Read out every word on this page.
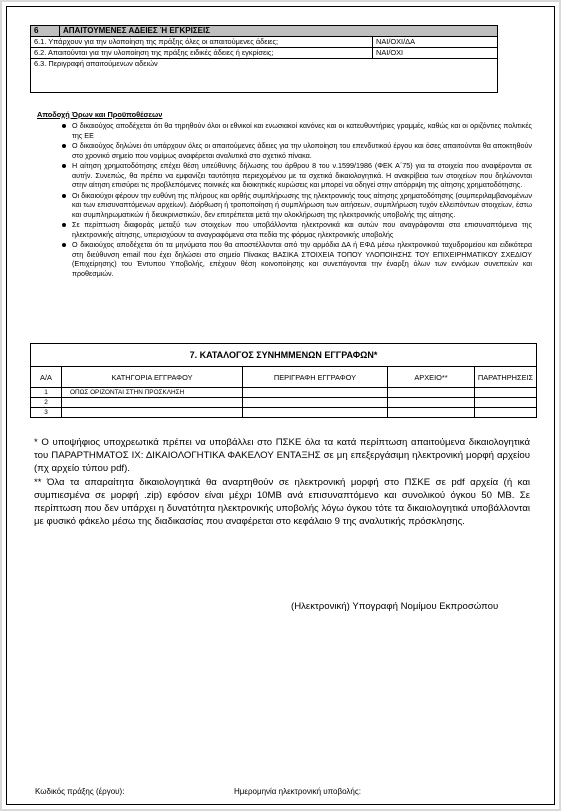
6	ΑΠΑΙΤΟΥΜΕΝΕΣ ΑΔΕΙΕΣ Ή ΕΓΚΡΙΣΕΙΣ	
6.1. Υπάρχουν για την υλοποίηση της πράξης όλες οι απαιτούμενες άδειες;		ΝΑΙ/ΟΧΙ/ΔΑ
6.2. Απαιτούνται για την υλοποίηση της πράξης ειδικές άδειες ή εγκρίσεις;		ΝΑΙ/ΟΧΙ
6.3. Περιγραφή απαιτούμενων αδειών		
Αποδοχή Όρων και Προϋποθέσεων
Ο δικαιούχος αποδέχεται ότι θα τηρηθούν όλοι οι εθνικοί και ενωσιακοί κανόνες και οι κατευθυντήριες γραμμές, καθώς και οι οριζόντιες πολιτικές της ΕΕ
Ο δικαιούχος δηλώνει ότι υπάρχουν όλες οι απαιτούμενες άδειες για την υλοποίηση του επενδυτικού έργου και όσες απαιτούνται θα αποκτηθούν στο χρονικό σημείο που νομίμως αναφέρεται αναλυτικά στο σχετικό πίνακα.
Η αίτηση χρηματοδότησης επέχει θέση υπεύθυνης δήλωσης του άρθρου 8 του ν.1599/1986 (ΦΕΚ Α΄75) για τα στοιχεία που αναφέρονται σε αυτήν. Συνεπώς, θα πρέπει να εμφανίζει ταυτότητα περιεχομένου με τα σχετικά δικαιολογητικά. Η ανακρίβεια των στοιχείων που δηλώνονται στην αίτηση επισύρει τις προβλεπόμενες ποινικές και διοικητικές κυρώσεις και μπορεί να οδηγεί στην απόρριψη της αίτησης χρηματοδότησης.
Οι δικαιούχοι φέρουν την ευθύνη της πλήρους και ορθής συμπλήρωσης της ηλεκτρονικής τους αίτησης χρηματοδότησης (συμπεριλαμβανομένων και των επισυναπτόμενων αρχείων). Διόρθωση ή τροποποίηση ή συμπλήρωση των αιτήσεων, συμπλήρωση τυχόν ελλειπόντων στοιχείων, έστω και συμπληρωματικών ή διευκρινιστικών, δεν επιτρέπεται μετά την ολοκλήρωση της ηλεκτρονικής υποβολής της αίτησης.
Σε περίπτωση διαφοράς μεταξύ των στοιχείων που υποβάλλονται ηλεκτρονικά και αυτών που αναγράφονται στα επισυναπτόμενα της ηλεκτρονικής αίτησης, υπερισχύουν τα αναγραφόμενα στα πεδία της φόρμας ηλεκτρονικής υποβολής
Ο δικαιούχος αποδέχεται ότι τα μηνύματα που θα αποστέλλονται από την αρμόδια ΔΑ ή ΕΦΔ μέσω ηλεκτρονικού ταχυδρομείου και ειδικότερα στη διεύθυνση email που έχει δηλώσει στο σημείο Πίνακας ΒΑΣΙΚΑ ΣΤΟΙΧΕΙΑ ΤΟΠΟΥ ΥΛΟΠΟΙΗΣΗΣ ΤΟΥ ΕΠΙΧΕΙΡΗΜΑΤΙΚΟΥ ΣΧΕΔΙΟΥ (Επιχείρησης) του Έντυπου Υποβολής, επέχουν θέση κοινοποίησης και συνεπάγονται την έναρξη όλων των εννόμων συνεπειών και προθεσμιών.
7. ΚΑΤΑΛΟΓΟΣ ΣΥΝΗΜΜΕΝΩΝ ΕΓΓΡΑΦΩΝ*				
Α/Α	ΚΑΤΗΓΟΡΙΑ ΕΓΓΡΑΦΟΥ	ΠΕΡΙΓΡΑΦΗ ΕΓΓΡΑΦΟΥ	ΑΡΧΕΙΟ**	ΠΑΡΑΤΗΡΗΣΕΙΣ
1	ΟΠΩΣ ΟΡΙΖΟΝΤΑΙ ΣΤΗΝ ΠΡΟΣΚΛΗΣΗ			
2				
3				

* Ο υποψήφιος υποχρεωτικά πρέπει να υποβάλλει στο ΠΣΚΕ όλα τα κατά περίπτωση απαιτούμενα δικαιολογητικά του ΠΑΡΑΡΤΗΜΑΤΟΣ ΙΧ: ΔΙΚΑΙΟΛΟΓΗΤΙΚΑ ΦΑΚΕΛΟΥ ΕΝΤΑΞΗΣ σε μη επεξεργάσιμη ηλεκτρονική μορφή αρχείου (πχ αρχείο τύπου pdf).

** Όλα τα απαραίτητα δικαιολογητικά θα αναρτηθούν σε ηλεκτρονική μορφή στο ΠΣΚΕ σε pdf αρχεία (ή και συμπιεσμένα σε μορφή .zip) εφόσον είναι μέχρι 10ΜΒ ανά επισυναπτόμενο και συνολικού όγκου 50 ΜΒ. Σε περίπτωση που δεν υπάρχει η δυνατότητα ηλεκτρονικής υποβολής λόγω όγκου τότε τα δικαιολογητικά υποβάλλονται με φυσικό φάκελο μέσω της διαδικασίας που αναφέρεται στο κεφάλαιο 9 της αναλυτικής πρόσκλησης.

(Ηλεκτρονική) Υπογραφή Νομίμου Εκπροσώπου
Κωδικός πράξης (έργου):	Ημερομηνία ηλεκτρονική υποβολής:
